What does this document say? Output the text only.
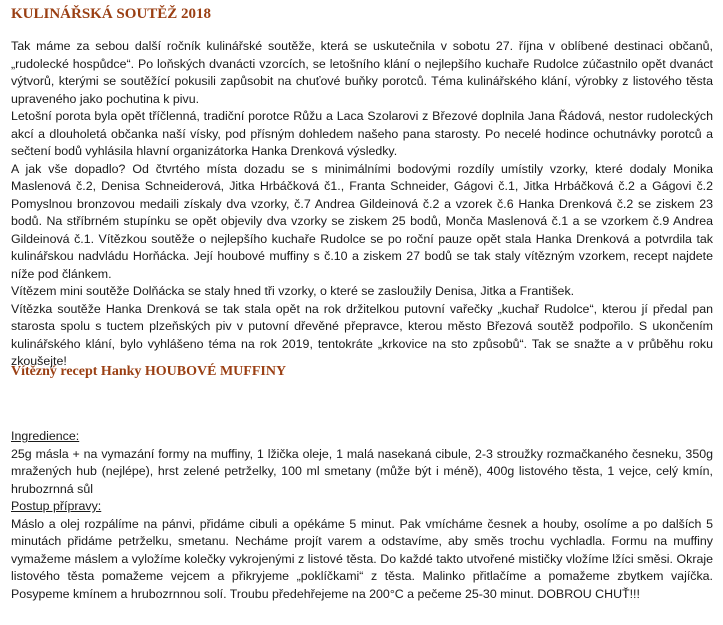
KULINÁŘSKÁ SOUTĚŽ 2018

Tak máme za sebou další ročník kulinářské soutěže, která se uskutečnila v sobotu 27. října v oblíbené destinaci občanů, „rudolecké hospůdce“. Po loňských dvanácti vzorcích, se letošního klání o nejlepšího kuchaře Rudolce zúčastnilo opět dvanáct výtvorů, kterými se soutěžící pokusili zapůsobit na chuťové buňky porotců. Téma kulinářského klání, výrobky z listového těsta upraveného jako pochutina k pivu.

Letošní porota byla opět tříčlenná, tradiční porotce Růžu a Laca Szolarovi z Březové doplnila Jana Řádová, nestor rudoleckých akcí a dlouholetá občanka naší vísky, pod přísným dohledem našeho pana starosty. Po necelé hodince ochutnávky porotců a sečtení bodů vyhlásila hlavní organizátorka Hanka Drenková výsledky.

A jak vše dopadlo? Od čtvrtého místa dozadu se s minimálními bodovými rozdíly umístily vzorky, které dodaly Monika Maslenová č.2, Denisa Schneiderová, Jitka Hrbáčková č1., Franta Schneider, Gágovi č.1, Jitka Hrbáčková č.2 a Gágovi č.2 Pomyslnou bronzovou medaili získaly dva vzorky, č.7 Andrea Gildeinová č.2 a vzorek č.6 Hanka Drenková č.2 se ziskem 23 bodů. Na stříbrném stupínku se opět objevily dva vzorky se ziskem 25 bodů, Monča Maslenová č.1 a se vzorkem č.9 Andrea Gildeinová č.1. Vítězkou soutěže o nejlepšího kuchaře Rudolce se po roční pauze opět stala Hanka Drenková a potvrdila tak kulinářskou nadvládu Horňácka. Její houbové muffiny s č.10 a ziskem 27 bodů se tak staly vítězným vzorkem, recept najdete níže pod článkem.

Vítězem mini soutěže Dolňácka se staly hned tři vzorky, o které se zasloužily Denisa, Jitka a František.

Vítězka soutěže Hanka Drenková se tak stala opět na rok držitelkou putovní vařečky „kuchař Rudolce“, kterou jí předal pan starosta spolu s tuctem plzeňských piv v putovní dřevěné přepravce, kterou město Březová soutěž podpořilo. S ukončením kulinářského klání, bylo vyhlášeno téma na rok 2019, tentokráte „krkovice na sto způsobů“. Tak se snažte a v průběhu roku zkoušejte!

Vítězný recept Hanky HOUBOVÉ MUFFINY

Ingredience:

25g másla + na vymazání formy na muffiny, 1 lžička oleje, 1 malá nasekaná cibule, 2-3 stroužky rozmačkaného česneku, 350g mražených hub (nejlépe), hrst zelené petrželky, 100 ml smetany (může být i méně), 400g listového těsta, 1 vejce, celý kmín, hrubozrnná sůl

Postup přípravy:

Máslo a olej rozpálíme na pánvi, přidáme cibuli a opékáme 5 minut. Pak vmícháme česnek a houby, osolíme a po dalších 5 minutách přidáme petrželku, smetanu. Necháme projít varem a odstavíme, aby směs trochu vychladla. Formu na muffiny vymažeme máslem a vyložíme kolečky vykrojenými z listové těsta. Do každé takto utvořené mističky vložíme lžíci směsi. Okraje listového těsta pomažeme vejcem a přikryjeme „poklíčkami“ z těsta. Malinko přitlačíme a pomažeme zbytkem vajíčka. Posypeme kmínem a hrubozrnnou solí. Troubu předehřejeme na 200°C a pečeme 25-30 minut. DOBROU CHUŤ!!!
